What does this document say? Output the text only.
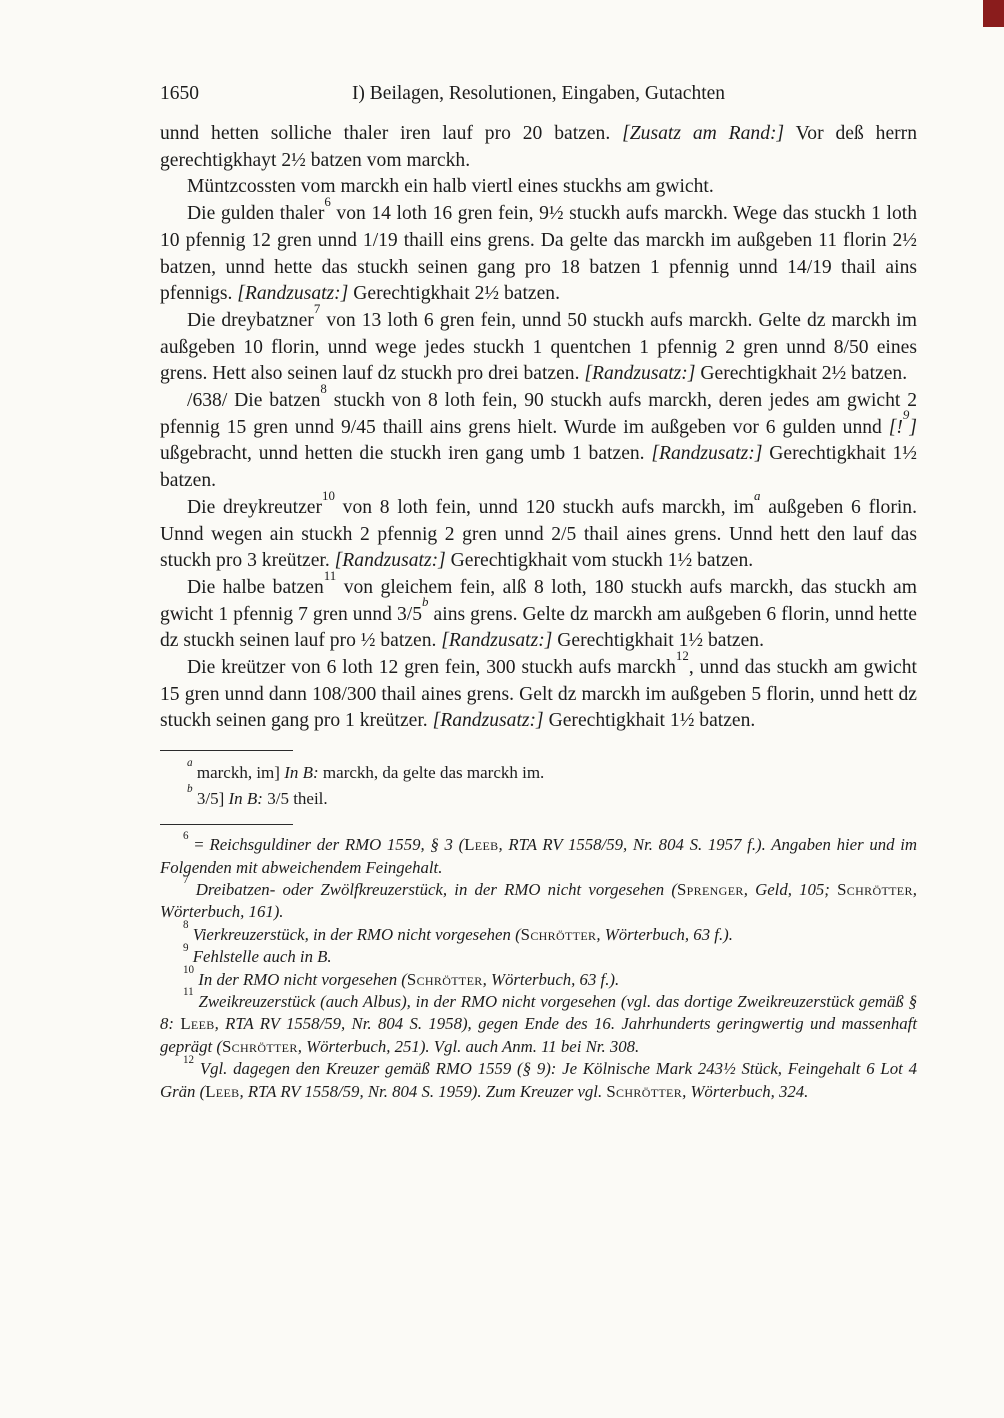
1650	I) Beilagen, Resolutionen, Eingaben, Gutachten

unnd hetten solliche thaler iren lauf pro 20 batzen. [Zusatz am Rand:] Vor deß herrn gerechtigkhayt 2½ batzen vom marckh.

Müntzcossten vom marckh ein halb viertl eines stuckhs am gwicht.

Die gulden thaler$^6$ von 14 loth 16 gren fein, 9½ stuckh aufs marckh. Wege das stuckh 1 loth 10 pfennig 12 gren unnd 1/19 thaill eins grens. Da gelte das marckh im außgeben 11 florin 2½ batzen, unnd hette das stuckh seinen gang pro 18 batzen 1 pfennig unnd 14/19 thail ains pfennigs. [Randzusatz:] Gerechtigkhait 2½ batzen.

Die dreybatzner$^7$ von 13 loth 6 gren fein, unnd 50 stuckh aufs marckh. Gelte dz marckh im außgeben 10 florin, unnd wege jedes stuckh 1 quentchen 1 pfennig 2 gren unnd 8/50 eines grens. Hett also seinen lauf dz stuckh pro drei batzen. [Randzusatz:] Gerechtigkhait 2½ batzen.

/638/ Die batzen$^8$ stuckh von 8 loth fein, 90 stuckh aufs marckh, deren jedes am gwicht 2 pfennig 15 gren unnd 9/45 thaill ains grens hielt. Wurde im außgeben vor 6 gulden unnd [!$^9$] ußgebracht, unnd hetten die stuckh iren gang umb 1 batzen. [Randzusatz:] Gerechtigkhait 1½ batzen.

Die dreykreutzer$^{10}$ von 8 loth fein, unnd 120 stuckh aufs marckh, $im^a$ außgeben 6 florin. Unnd wegen ain stuckh 2 pfennig 2 gren unnd 2/5 thail aines grens. Unnd hett den lauf das stuckh pro 3 kreützer. [Randzusatz:] Gerechtigkhait vom stuckh 1½ batzen.

Die halbe batzen$^{11}$ von gleichem fein, alß 8 loth, 180 stuckh aufs marckh, das stuckh am gwicht 1 pfennig 7 gren unnd 3/5$^b$ ains grens. Gelte dz marckh am außgeben 6 florin, unnd hette dz stuckh seinen lauf pro ½ batzen. [Randzusatz:] Gerechtigkhait 1½ batzen.

Die kreützer von 6 loth 12 gren fein, 300 stuckh aufs marckh$^{12}$, unnd das stuckh am gwicht 15 gren unnd dann 108/300 thail aines grens. Gelt dz marckh im außgeben 5 florin, unnd hett dz stuckh seinen gang pro 1 kreützer. [Randzusatz:] Gerechtigkhait 1½ batzen.

$^a$ marckh, im] In B: marckh, da gelte das marckh im.

$^b$ 3/5] In B: 3/5 theil.

$^6$ = Reichsguldiner der RMO 1559, § 3 (Leeb, RTA RV 1558/59, Nr. 804 S. 1957 f.). Angaben hier und im Folgenden mit abweichendem Feingehalt.

$^7$ Dreibatzen- oder Zwölfkreuzerstück, in der RMO nicht vorgesehen (Sprenger, Geld, 105; Schrötter, Wörterbuch, 161).

$^8$ Vierkreuzerstück, in der RMO nicht vorgesehen (Schrötter, Wörterbuch, 63 f.).

$^9$ Fehlstelle auch in B.

$^{10}$ In der RMO nicht vorgesehen (Schrötter, Wörterbuch, 63 f.).

$^{11}$ Zweikreuzerstück (auch Albus), in der RMO nicht vorgesehen (vgl. das dortige Zweikreuzerstück gemäß § 8: Leeb, RTA RV 1558/59, Nr. 804 S. 1958), gegen Ende des 16. Jahrhunderts geringwertig und massenhaft geprägt (Schrötter, Wörterbuch, 251). Vgl. auch Anm. 11 bei Nr. 308.

$^{12}$ Vgl. dagegen den Kreuzer gemäß RMO 1559 (§ 9): Je Kölnische Mark 243½ Stück, Feingehalt 6 Lot 4 Grän (Leeb, RTA RV 1558/59, Nr. 804 S. 1959). Zum Kreuzer vgl. Schrötter, Wörterbuch, 324.
